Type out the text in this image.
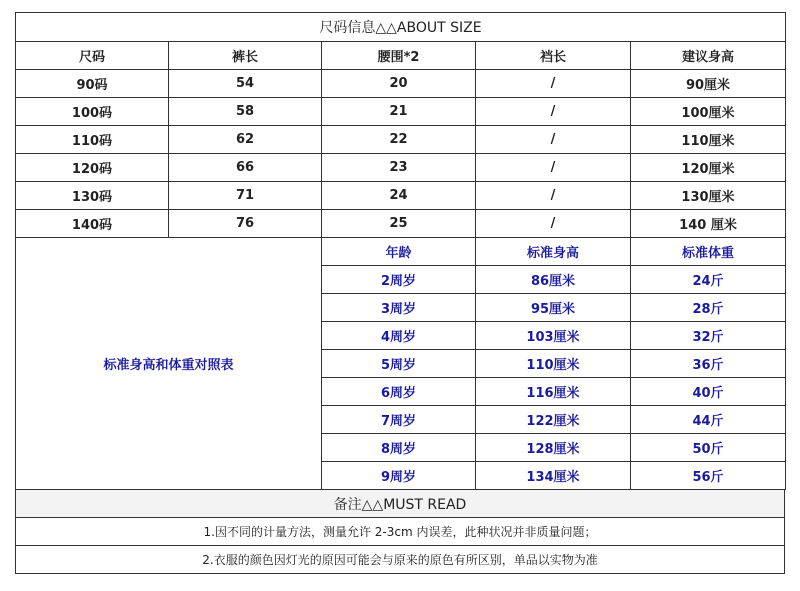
尺码信息△△ABOUT SIZE				
尺码	裤长	腰围*2	裆长	建议身高
90码	54	20	/	90厘米
100码	58	21	/	100厘米
110码	62	22	/	110厘米
120码	66	23	/	120厘米
130码	71	24	/	130厘米
140码	76	25	/	140 厘米
标准身高和体重对照表	年龄	标准身高	标准体重
	2周岁	86厘米	24斤
	3周岁	95厘米	28斤
	4周岁	103厘米	32斤
	5周岁	110厘米	36斤
	6周岁	116厘米	40斤
	7周岁	122厘米	44斤
	8周岁	128厘米	50斤
	9周岁	134厘米	56斤
备注△△MUST READ
1.因不同的计量方法，测量允许 2-3cm 内误差，此种状况并非质量问题；
2.衣服的颜色因灯光的原因可能会与原来的原色有所区别，单品以实物为准
